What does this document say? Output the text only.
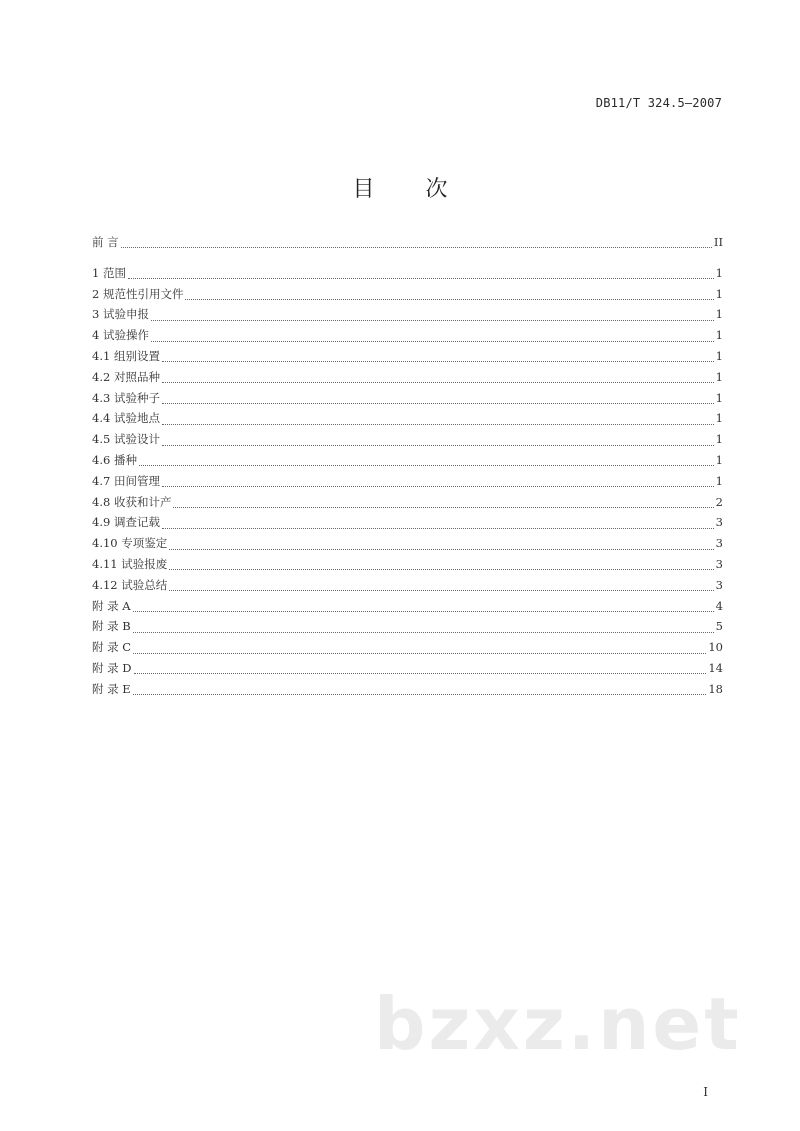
DB11/T 324.5—2007
目 次
前 言	II
1 范围	1
2 规范性引用文件	1
3 试验申报	1
4 试验操作	1
4.1 组别设置	1
4.2 对照品种	1
4.3 试验种子	1
4.4 试验地点	1
4.5 试验设计	1
4.6 播种	1
4.7 田间管理	1
4.8 收获和计产	2
4.9 调查记载	3
4.10 专项鉴定	3
4.11 试验报废	3
4.12 试验总结	3
附 录 A	4
附 录 B	5
附 录 C	10
附 录 D	14
附 录 E	18
bzxz.net
I
